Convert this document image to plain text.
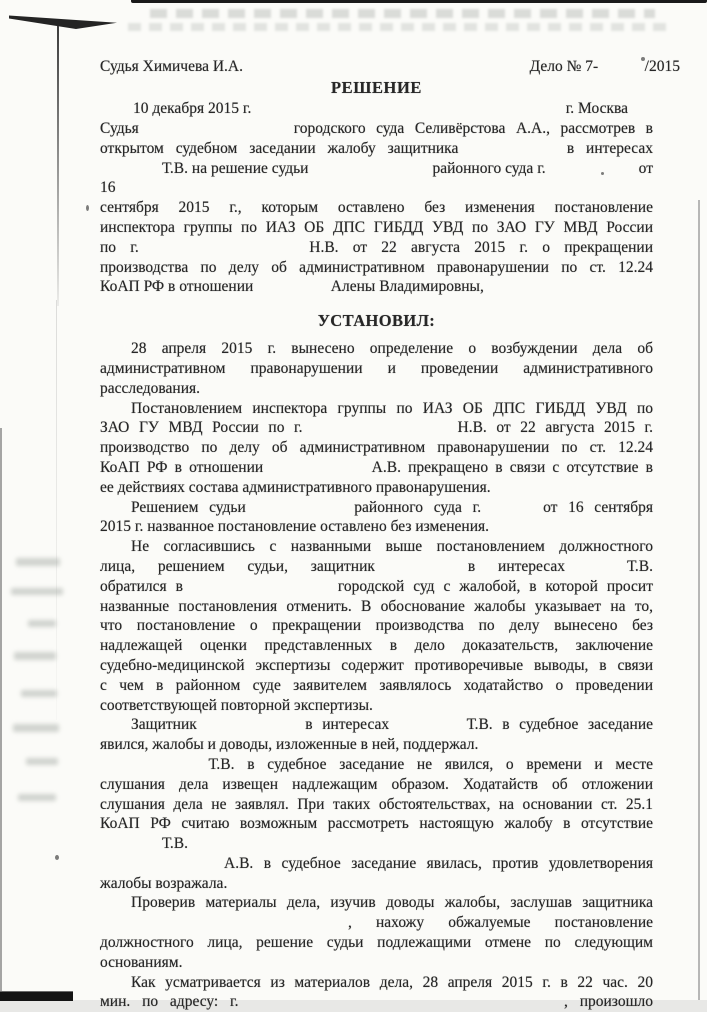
Судья Химичева И.А.	Дело № 7-   /2015
РЕШЕНИЕ
10 декабря 2015 г.	г. Москва
Судья          городского суда Селивёрстова А.А., рассмотрев в
открытом судебном заседании жалобу защитника       в интересах
    Т.В. на решение судьи        районного суда г.      от 16
сентября 2015 г., которым оставлено без изменения постановление
инспектора группы по ИАЗ ОБ ДПС ГИБДД УВД по ЗАО ГУ МВД России
по г.           Н.В. от 22 августа 2015 г. о прекращении
производства по делу об административном правонарушении по ст. 12.24
КоАП РФ в отношении     Алены Владимировны,
УСТАНОВИЛ:
  28 апреля 2015 г. вынесено определение о возбуждении дела об
административном правонарушении и проведении административного
расследования.
  Постановлением инспектора группы по ИАЗ ОБ ДПС ГИБДД УВД по
ЗАО ГУ МВД России по г.          Н.В. от 22 августа 2015 г.
производство по делу об административном правонарушении по ст. 12.24
КоАП РФ в отношении       А.В. прекращено в связи с отсутствие в
ее действиях состава административного правонарушения.
  Решением судьи       районного суда г.    от 16 сентября
2015 г. названное постановление оставлено без изменения.
  Не согласившись с названными выше постановлением должностного
лица, решением судьи, защитник      в интересах    Т.В.
обратился в          городской суд с жалобой, в которой просит
названные постановления отменить. В обоснование жалобы указывает на то,
что постановление о прекращении производства по делу вынесено без
надлежащей оценки представленных в дело доказательств, заключение
судебно-медицинской экспертизы содержит противоречивые выводы, в связи
с чем в районном суде заявителем заявлялось ходатайство о проведении
соответствующей повторной экспертизы.
  Защитник       в интересах     Т.В. в судебное заседание
явился, жалобы и доводы, изложенные в ней, поддержал.
       Т.В. в судебное заседание не явился, о времени и месте
слушания дела извещен надлежащим образом. Ходатайств об отложении
слушания дела не заявлял. При таких обстоятельствах, на основании ст. 25.1
КоАП РФ считаю возможным рассмотреть настоящую жалобу в отсутствие
    Т.В.
        А.В. в судебное заседание явилась, против удовлетворения
жалобы возражала.
  Проверив материалы дела, изучив доводы жалобы, заслушав защитника
                , нахожу обжалуемые постановление
должностного лица, решение судьи подлежащими отмене по следующим
основаниям.
  Как усматривается из материалов дела, 28 апреля 2015 г. в 22 час. 20
мин. по адресу: г.                     , произошло
